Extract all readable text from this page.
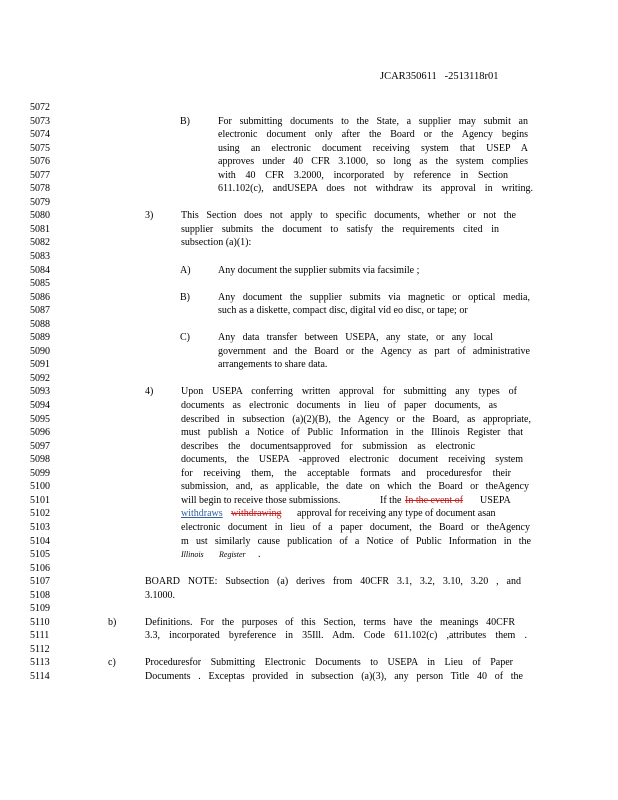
JCAR350611   -2513118r01
5072
5073	B)	For submitting documents to the State, a supplier may submit an
5074	electronic document only after the Board or the Agency begins
5075	using an electronic document receiving system that USEP A
5076	approves under 40 CFR 3.1000, so long as the system complies
5077	with 40 CFR 3.2000, incorporated by reference in Section
5078	611.102(c), andUSEPA does not withdraw its approval in writing.
5079
5080	3)	This Section does not apply to specific documents, whether or not the
5081	supplier submits the document to satisfy the requirements cited in
5082	subsection (a)(1):
5083
5084	A)	Any document the supplier submits via facsimile ;
5085
5086	B)	Any document the supplier submits via magnetic or optical media,
5087	such as a diskette, compact disc, digital vid eo disc, or tape; or
5088
5089	C)	Any data transfer between USEPA, any state, or any local
5090	government and the Board or the Agency as part of administrative
5091	arrangements to share data.
5092
5093	4)	Upon USEPA conferring written approval for submitting any types of
5094	documents as electronic documents in lieu of paper documents, as
5095	described in subsection (a)(2)(B), the Agency or the Board, as appropriate,
5096	must publish a Notice of Public Information in the Illinois Register that
5097	describes the documentsapproved for submission as electronic
5098	documents, the USEPA -approved electronic document receiving system
5099	for receiving them, the acceptable formats and proceduresfor their
5100	submission, and, as applicable, the date on which the Board or theAgency
5101	will begin to receive those submissions.	If the In the event of USEPA
5102	withdraws withdrawing approval for receiving any type of document asan
5103	electronic document in lieu of a paper document, the Board or theAgency
5104	m ust similarly cause publication of a Notice of Public Information in the
5105	Illinois Register .
5106
5107	BOARD NOTE: Subsection (a) derives from 40CFR 3.1, 3.2, 3.10, 3.20 , and
5108	3.1000.
5109
5110	b)	Definitions. For the purposes of this Section, terms have the meanings 40CFR
5111	3.3, incorporated byreference in 35Ill. Adm. Code 611.102(c) ,attributes them .
5112
5113	c)	Proceduresfor Submitting Electronic Documents to USEPA in Lieu of Paper
5114	Documents . Exceptas provided in subsection (a)(3), any person Title 40 of the
